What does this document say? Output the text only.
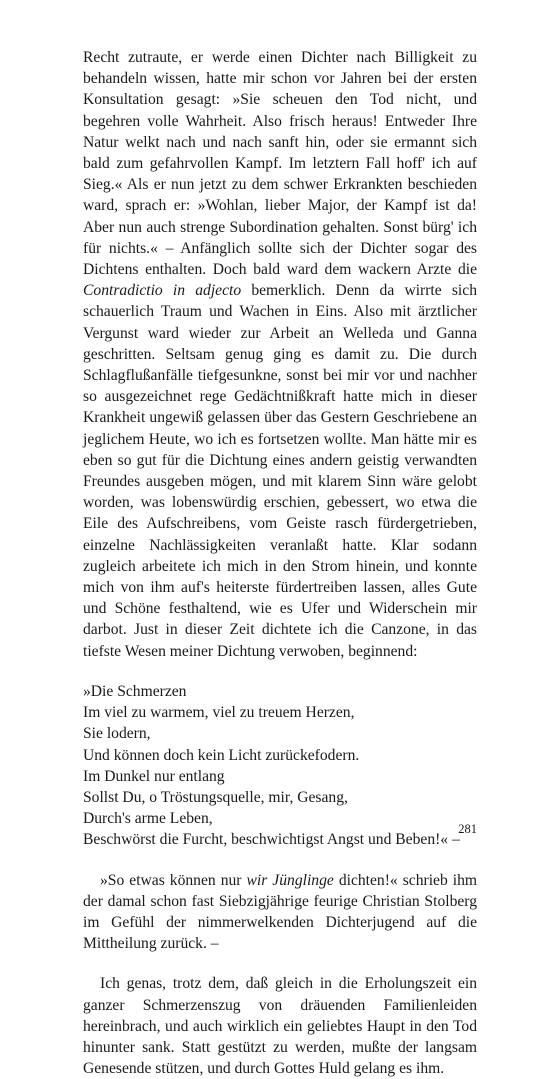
Recht zutraute, er werde einen Dichter nach Billigkeit zu behandeln wissen, hatte mir schon vor Jahren bei der ersten Konsultation gesagt: »Sie scheuen den Tod nicht, und begehren volle Wahrheit. Also frisch heraus! Entweder Ihre Natur welkt nach und nach sanft hin, oder sie ermannt sich bald zum gefahrvollen Kampf. Im letztern Fall hoff' ich auf Sieg.« Als er nun jetzt zu dem schwer Erkrankten beschieden ward, sprach er: »Wohlan, lieber Major, der Kampf ist da! Aber nun auch strenge Subordination gehalten. Sonst bürg' ich für nichts.« – Anfänglich sollte sich der Dichter sogar des Dichtens enthalten. Doch bald ward dem wackern Arzte die Contradictio in adjecto bemerklich. Denn da wirrte sich schauerlich Traum und Wachen in Eins. Also mit ärztlicher Vergunst ward wieder zur Arbeit an Welleda und Ganna geschritten. Seltsam genug ging es damit zu. Die durch Schlagflußanfälle tiefgesunkne, sonst bei mir vor und nachher so ausgezeichnet rege Gedächtnißkraft hatte mich in dieser Krankheit ungewiß gelassen über das Gestern Geschriebene an jeglichem Heute, wo ich es fortsetzen wollte. Man hätte mir es eben so gut für die Dichtung eines andern geistig verwandten Freundes ausgeben mögen, und mit klarem Sinn wäre gelobt worden, was lobenswürdig erschien, gebessert, wo etwa die Eile des Aufschreibens, vom Geiste rasch fürdergetrieben, einzelne Nachlässigkeiten veranlaßt hatte. Klar sodann zugleich arbeitete ich mich in den Strom hinein, und konnte mich von ihm auf's heiterste fürdertreiben lassen, alles Gute und Schöne festhaltend, wie es Ufer und Widerschein mir darbot. Just in dieser Zeit dichtete ich die Canzone, in das tiefste Wesen meiner Dichtung verwoben, beginnend:

»Die Schmerzen
Im viel zu warmem, viel zu treuem Herzen,
Sie lodern,
Und können doch kein Licht zurückefodern.
Im Dunkel nur entlang
Sollst Du, o Tröstungsquelle, mir, Gesang,
Durch's arme Leben,
Beschwörst die Furcht, beschwichtigst Angst und Beben!« –

»So etwas können nur wir Jünglinge dichten!« schrieb ihm der damal schon fast Siebzigjährige feurige Christian Stolberg im Gefühl der nimmerwelkenden Dichterjugend auf die Mittheilung zurück. –

Ich genas, trotz dem, daß gleich in die Erholungszeit ein ganzer Schmerzenszug von dräuenden Familienleiden hereinbrach, und auch wirklich ein geliebtes Haupt in den Tod hinunter sank. Statt gestützt zu werden, mußte der langsam Genesende stützen, und durch Gottes Huld gelang es ihm.

281
